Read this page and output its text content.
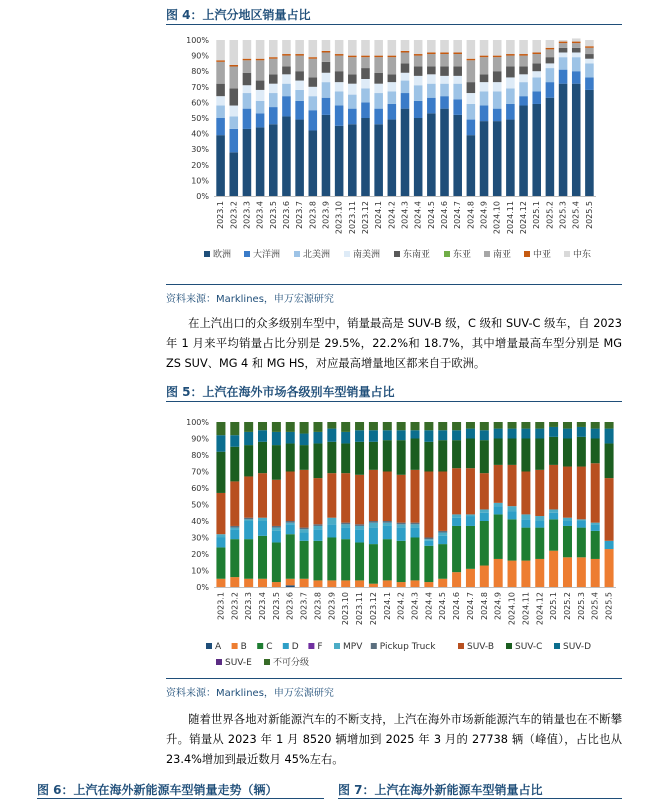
图 4：上汽分地区销量占比
0%
10%
20%
30%
40%
50%
60%
70%
80%
90%
100%
2023.1 2023.2 2023.3 2023.4 2023.5 2023.6 2023.7 2023.8 2023.9 2023.10 2023.11 2023.12 2024.1 2024.2 2024.3 2024.4 2024.5 2024.6 2024.7 2024.8 2024.9 2024.10 2024.11 2024.12 2025.1 2025.2 2025.3 2025.4 2025.5
欧洲 大洋洲	北美洲	南美洲	东南亚	东亚 南亚 中亚 中东
资料来源：Marklines，申万宏源研究
在上汽出口的众多级别车型中，销量最高是 SUV-B 级，C 级和 SUV-C 级车，自 2023 年 1 月来平均销量占比分别是 29.5%，22.2%和 18.7%，其中增量最高车型分别是 MG ZS SUV、MG 4 和 MG HS，对应最高增量地区都来自于欧洲。
图 5：上汽在海外市场各级别车型销量占比
0%
10%
20%
30%
40%
50%
60%
70%
80%
90%
100%
2023.1 2023.2 2023.3 2023.4 2023.5 2023.6 2023.7 2023.8 2023.9 2023.10 2023.11 2023.12 2024.1 2024.2 2024.3 2024.4 2024.5 2024.6 2024.7 2024.8 2024.9 2024.10 2024.11 2024.12 2025.1 2025.2 2025.3 2025.4 2025.5
A B C D F MPV Pickup Truck	SUV-B SUV-C SUV-D
SUV-E 不可分级
资料来源：Marklines，申万宏源研究
随着世界各地对新能源汽车的不断支持，上汽在海外市场新能源汽车的销量也在不断攀升。销量从 2023 年 1 月 8520 辆增加到 2025 年 3 月的 27738 辆（峰值），占比也从 23.4%增加到最近数月 45%左右。
图 6：上汽在海外新能源车型销量走势（辆）	图 7：上汽在海外新能源车型销量占比
